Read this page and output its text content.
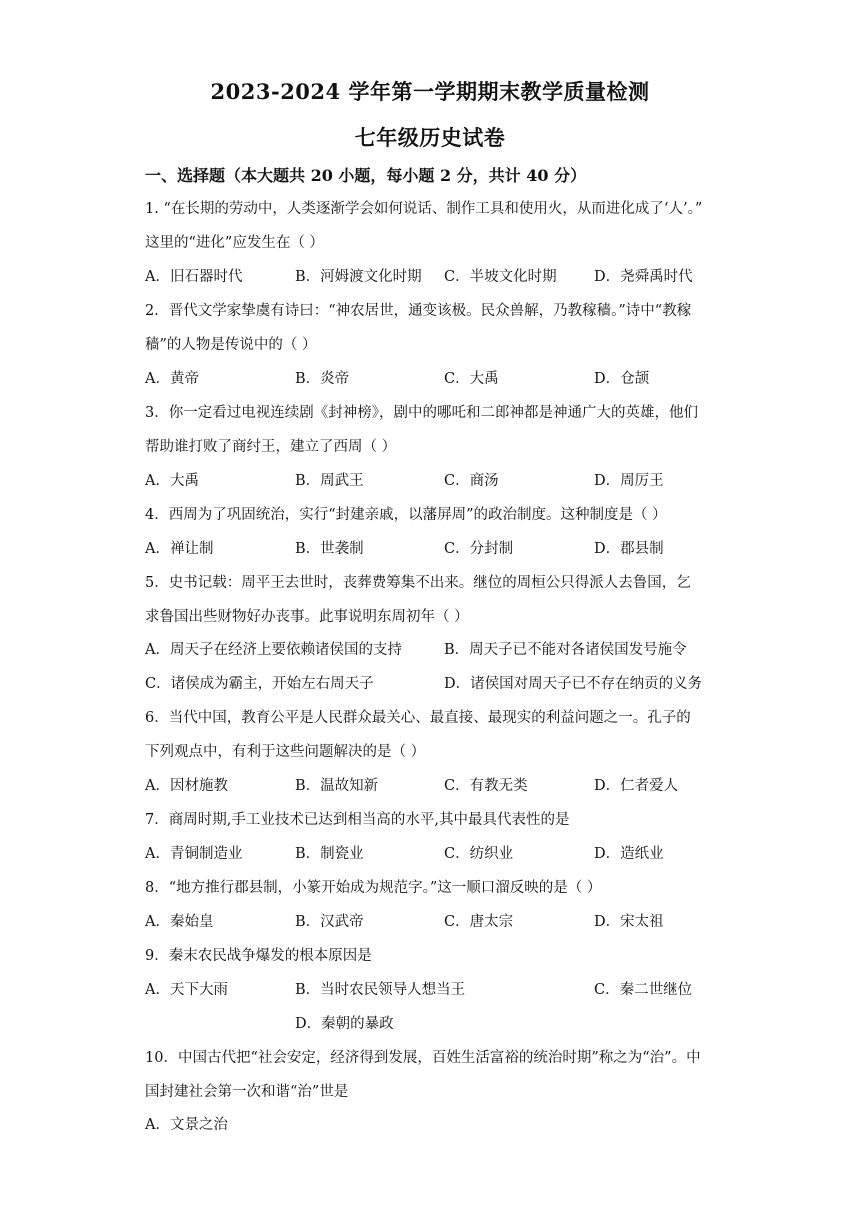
2023-2024 学年第一学期期末教学质量检测
七年级历史试卷
一、选择题（本大题共 20 小题，每小题 2 分，共计 40 分）
1. “在长期的劳动中，人类逐渐学会如何说话、制作工具和使用火，从而进化成了‘人’。”
这里的“进化”应发生在（ ）
A．旧石器时代	B．河姆渡文化时期 C．半坡文化时期	D．尧舜禹时代
2．晋代文学家挚虞有诗曰：“神农居世，通变该极。民众兽解，乃教稼穑。”诗中“教稼
穑”的人物是传说中的（ ）
A．黄帝	B．炎帝	C．大禹	D．仓颉
3．你一定看过电视连续剧《封神榜》，剧中的哪吒和二郎神都是神通广大的英雄，他们
帮助谁打败了商纣王，建立了西周（ ）
A．大禹	B．周武王	C．商汤	D．周厉王
4．西周为了巩固统治，实行“封建亲戚，以藩屏周”的政治制度。这种制度是（ ）
A．禅让制	B．世袭制	C．分封制	D．郡县制
5．史书记载：周平王去世时，丧葬费筹集不出来。继位的周桓公只得派人去鲁国，乞
求鲁国出些财物好办丧事。此事说明东周初年（ ）
A．周天子在经济上要依赖诸侯国的支持	B．周天子已不能对各诸侯国发号施令
C．诸侯成为霸主，开始左右周天子	D．诸侯国对周天子已不存在纳贡的义务
6．当代中国，教育公平是人民群众最关心、最直接、最现实的利益问题之一。孔子的
下列观点中，有利于这些问题解决的是（ ）
A．因材施教	B．温故知新	C．有教无类	D．仁者爱人
7．商周时期,手工业技术已达到相当高的水平,其中最具代表性的是
A．青铜制造业	B．制瓷业	C．纺织业	D．造纸业
8．“地方推行郡县制，小篆开始成为规范字。”这一顺口溜反映的是（ ）
A．秦始皇	B．汉武帝	C．唐太宗	D．宋太祖
9．秦末农民战争爆发的根本原因是
A．天下大雨	B．当时农民领导人想当王	C．秦二世继位
D．秦朝的暴政
10．中国古代把“社会安定，经济得到发展，百姓生活富裕的统治时期”称之为“治”。中
国封建社会第一次和谐“治”世是
A．文景之治
